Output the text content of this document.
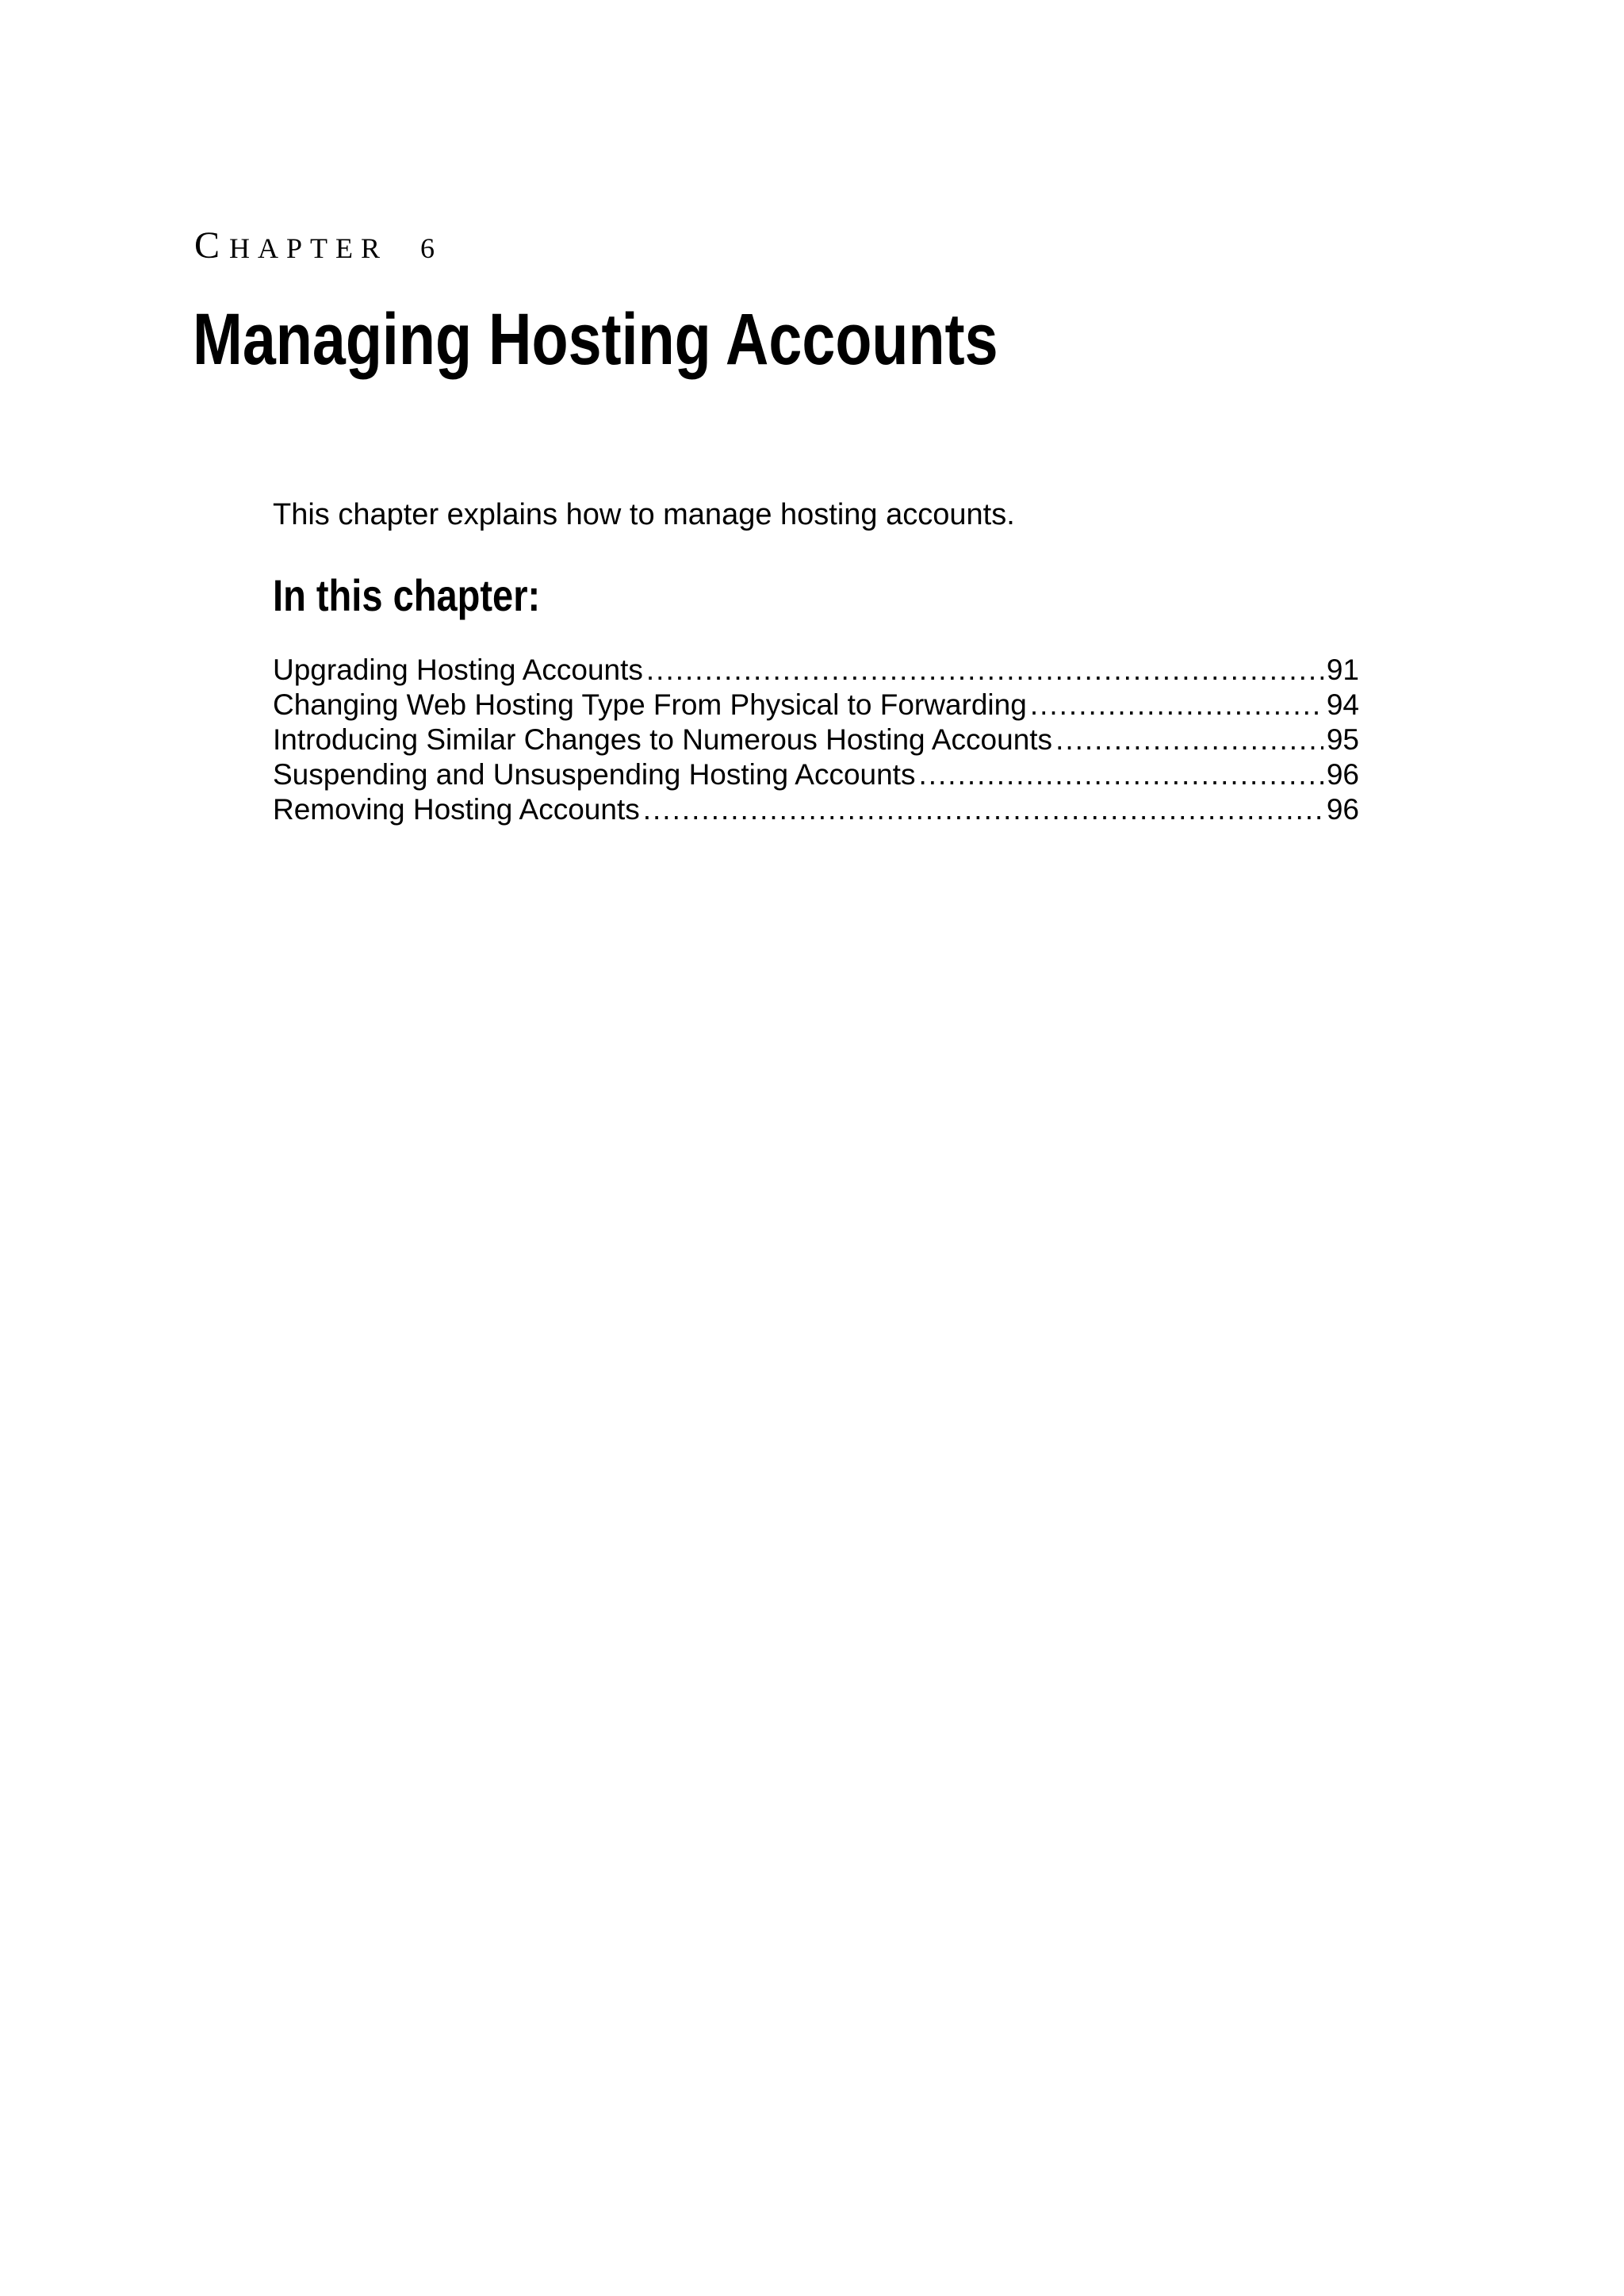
CHAPTER 6
Managing Hosting Accounts

This chapter explains how to manage hosting accounts.

In this chapter:
Upgrading Hosting Accounts .....	91
Changing Web Hosting Type From Physical to Forwarding .....	94
Introducing Similar Changes to Numerous Hosting Accounts .....	95
Suspending and Unsuspending Hosting Accounts .....	96
Removing Hosting Accounts .....	96
